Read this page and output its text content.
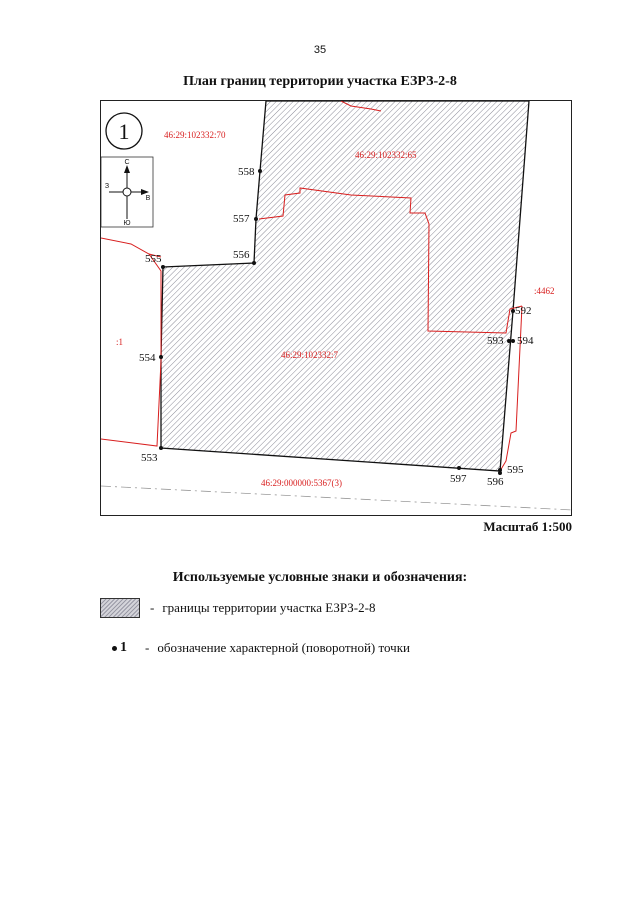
35
План границ территории участка ЕЗРЗ-2-8
1
С
Ю
З
В
46:29:102332:70
46:29:102332:65
46:29:102332:7
:4462
:1
46:29:000000:5367(3)
553
554
555	556
557
558
592
593 594
595
596
597
Масштаб 1:500
Используемые условные знаки и обозначения:
- границы территории участка ЕЗРЗ-2-8
1 - обозначение характерной (поворотной) точки
